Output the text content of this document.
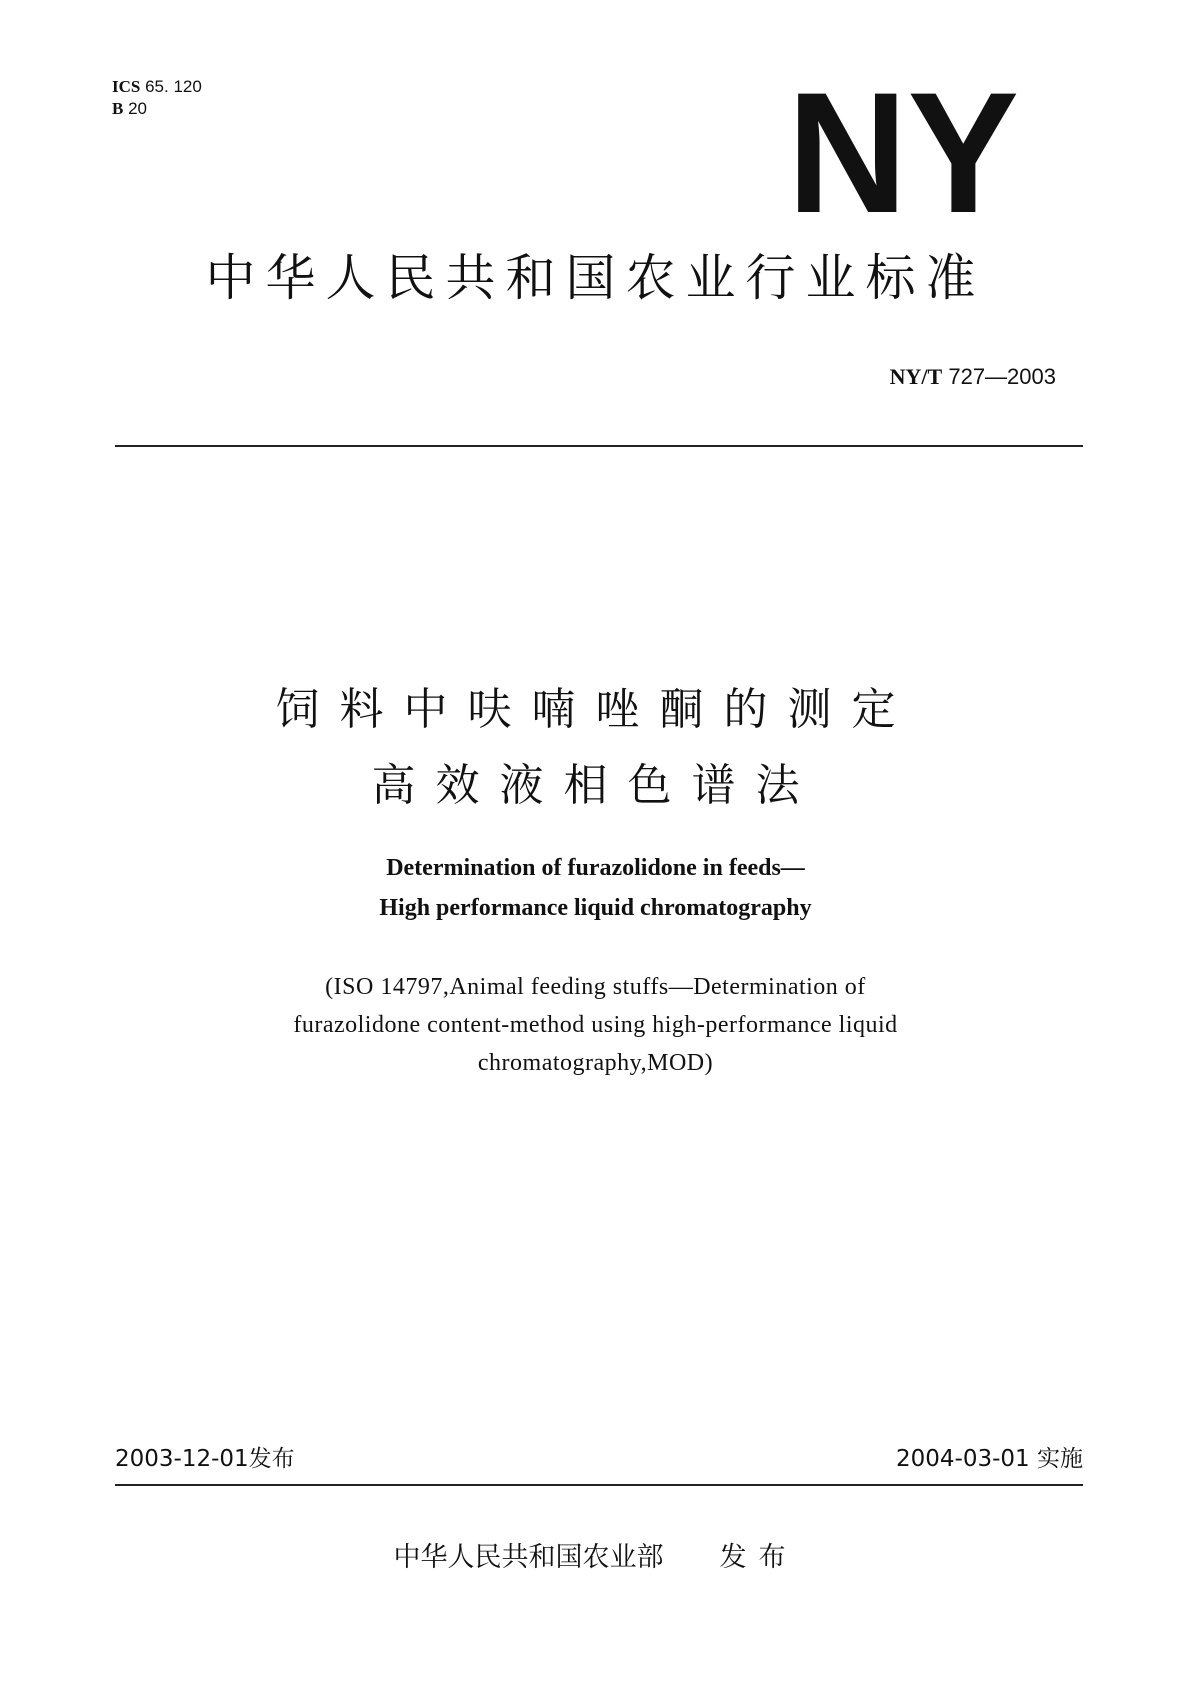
ICS 65. 120
B 20	NY
中华人民共和国农业行业标准
NY/T 727—2003
饲料中呋喃唑酮的测定
高效液相色谱法
Determination of furazolidone in feeds—
High performance liquid chromatography
(ISO 14797,Animal feeding stuffs—Determination of
furazolidone content-method using high-performance liquid
chromatography,MOD)
2003-12-01发布	2004-03-01 实施
中华人民共和国农业部 发布
